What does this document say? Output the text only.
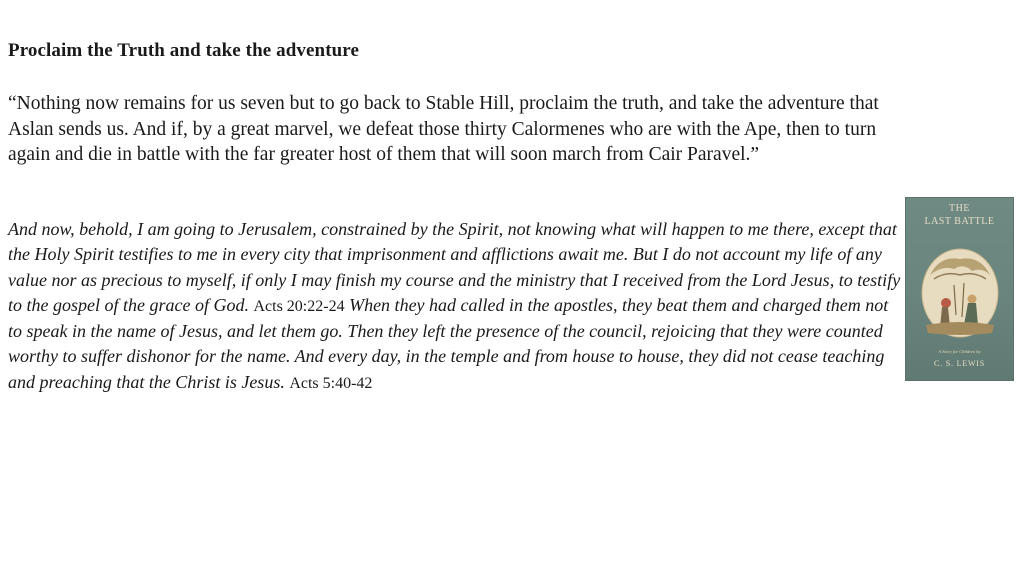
Proclaim the Truth and take the adventure

“Nothing now remains for us seven but to go back to Stable Hill, proclaim the truth, and take the adventure that Aslan sends us. And if, by a great marvel, we defeat those thirty Calormenes who are with the Ape, then to turn again and die in battle with the far greater host of them that will soon march from Cair Paravel.”

And now, behold, I am going to Jerusalem, constrained by the Spirit, not knowing what will happen to me there, except that the Holy Spirit testifies to me in every city that imprisonment and afflictions await me. But I do not account my life of any value nor as precious to myself, if only I may finish my course and the ministry that I received from the Lord Jesus, to testify to the gospel of the grace of God. Acts 20:22-24 When they had called in the apostles, they beat them and charged them not to speak in the name of Jesus, and let them go. Then they left the presence of the council, rejoicing that they were counted worthy to suffer dishonor for the name. And every day, in the temple and from house to house, they did not cease teaching and preaching that the Christ is Jesus. Acts 5:40-42

THE
LAST BATTLE
A Story for Children by
C. S. LEWIS
